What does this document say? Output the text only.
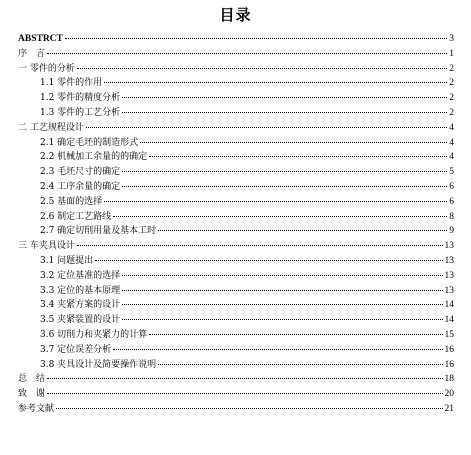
目录
ABSTRCT	3
序　言	1
一 零件的分析	2
1.1 零件的作用	2
1.2 零件的精度分析	2
1.3 零件的工艺分析	2
二 工艺规程设计	4
2.1 确定毛坯的制造形式	4
2.2 机械加工余量的的确定	4
2.3 毛坯尺寸的确定	5
2.4 工序余量的确定	6
2.5 基面的选择	6
2.6 制定工艺路线	8
2.7 确定切削用量及基本工时	9
三 车夹具设计	13
3.1 问题提出	13
3.2 定位基准的选择	13
3.3 定位的基本原理	13
3.4 夹紧方案的设计	14
3.5 夹紧装置的设计	14
3.6 切削力和夹紧力的计算	15
3.7 定位误差分析	16
3.8 夹具设计及简要操作说明	16
总　结	18
致　谢	20
参考文献	21
